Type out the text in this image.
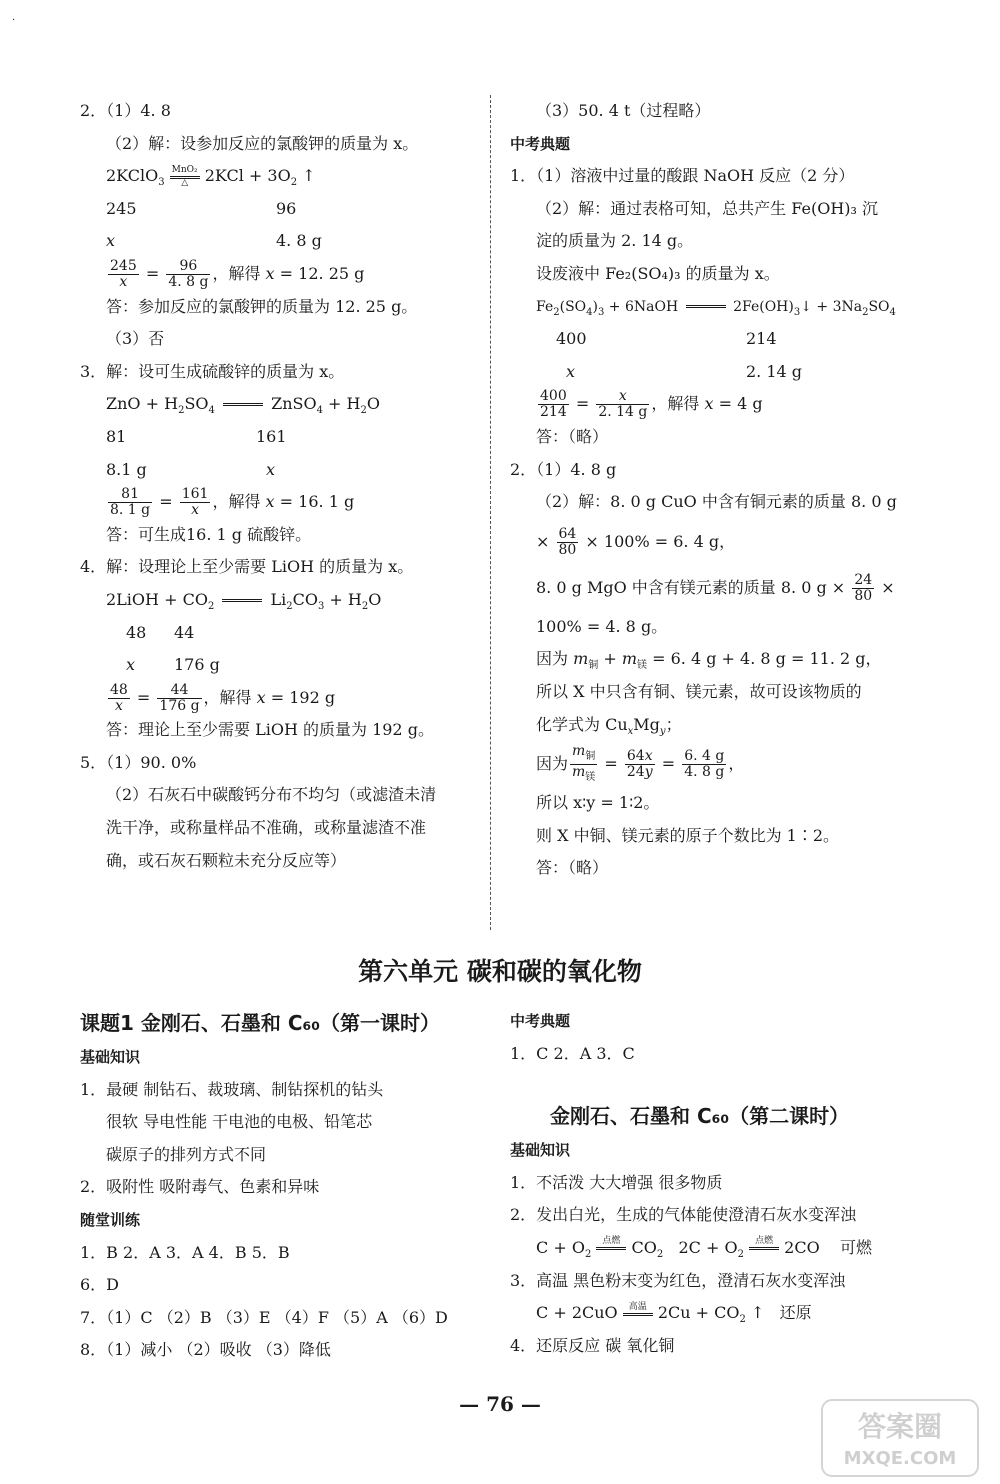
.
2．（1）4. 8
（2）解：设参加反应的氯酸钾的质量为 x。
2KClO$_3$
MnO₂
△ $2KCl + 3O_2$ ↑
245	96
x	4. 8 g
$\frac{245}{x} = \frac{96}{4. 8 g}$ ，解得 x = 12. 25 g
答：参加反应的氯酸钾的质量为 12. 25 g。
（3）否
3．解：设可生成硫酸锌的质量为 x。
ZnO + $H_2SO_4$	ZnSO$_4$ + $H_2O$
81	161
8.1 g	x
$\frac{81}{8. 1 g} = \frac{161}{x}$ ，解得 x = 16. 1 g
答：可生成16. 1 g 硫酸锌。
4．解：设理论上至少需要 LiOH 的质量为 x。
2LiOH + $CO_2$	$Li_2CO_3 + H_2O$
48 44
x 176 g
$\frac{48}{x} = \frac{44}{176 g}$ ，解得 x = 192 g
答：理论上至少需要 LiOH 的质量为 192 g。
5．（1）90. 0%
（2）石灰石中碳酸钙分布不均匀（或滤渣未清
洗干净，或称量样品不准确，或称量滤渣不准
确，或石灰石颗粒未充分反应等）
（3）50. 4 t（过程略）
中考典题
1．（1）溶液中过量的酸跟 NaOH 反应（2 分）
（2）解：通过表格可知，总共产生 Fe(OH)₃ 沉
淀的质量为 2. 14 g。
设废液中 Fe₂(SO₄)₃ 的质量为 x。
$Fe_2(SO_4)_3$ + 6NaOH	$2Fe(OH)_3↓ + 3Na_2SO_4$
400	214
x	2. 14 g
$\frac{400}{214} = \frac{x}{2. 14 g}$ ，解得 x = 4 g
答：（略）
2．（1）4. 8 g
（2）解：8. 0 g CuO 中含有铜元素的质量 8. 0 g
× $\frac{64}{80} \times 100\% = 6$. 4 g，
8. 0 g MgO 中含有镁元素的质量 8. 0 $g \times \frac{24}{80}$ ×
100% = 4. 8 g。
因为 $m_铜 + m_镁 = 6$. 4 g + 4. 8 g = 11. 2 g，
所以 X 中只含有铜、镁元素，故可设该物质的
化学式为 $Cu_xMg_y$；
因为 $\frac{m_铜}{m_镁} = \frac{64x}{24y} = \frac{6. 4 g}{4. 8 g}$ ，
所以 x∶y = 1∶2。
则 X 中铜、镁元素的原子个数比为 1∶2。
答：（略）
第六单元 碳和碳的氧化物
课题1 金刚石、石墨和 C₆₀（第一课时）
基础知识
1．最硬 制钻石、裁玻璃、制钻探机的钻头
很软 导电性能 干电池的电极、铅笔芯
碳原子的排列方式不同
2．吸附性 吸附毒气、色素和异味
随堂训练
1．B 2．A 3．A 4．B 5．B
6．D
7．（1）C （2）B （3）E （4）F （5）A （6）D
8．（1）减小 （2）吸收 （3）降低
中考典题
1．C 2．A 3．C
金刚石、石墨和 C₆₀（第二课时）
基础知识
1．不活泼 大大增强 很多物质
2．发出白光，生成的气体能使澄清石灰水变浑浊
$C + O_2$
点燃
$CO_2$   $2C + O_2$
点燃
2CO    可燃
3．高温 黑色粉末变为红色，澄清石灰水变浑浊
C + 2CuO 高温
$2Cu + CO_2$ ↑   还原
4．还原反应 碳 氧化铜
— 76 —
答案圈
MXQE.COM
